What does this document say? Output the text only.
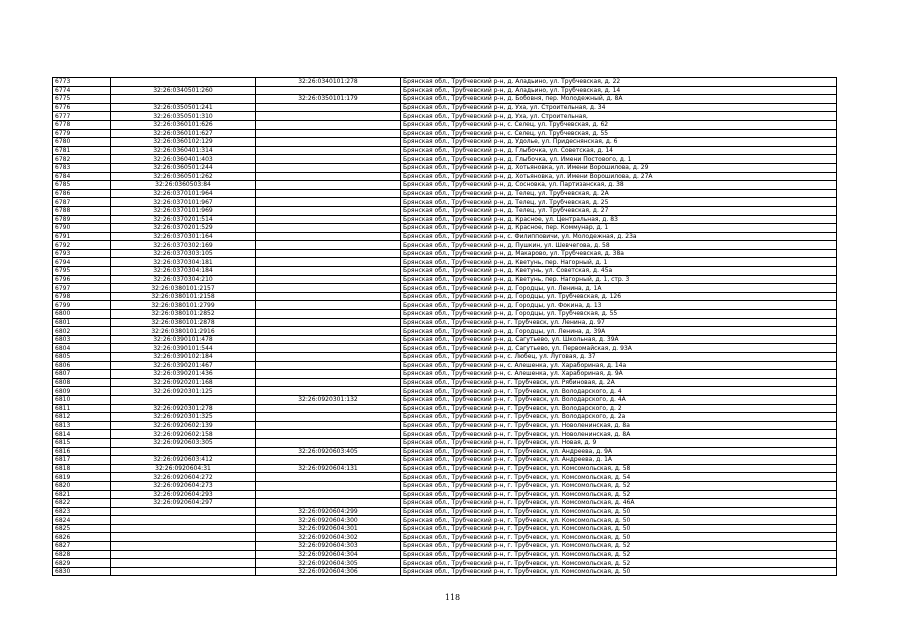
6773		32:26:0340101:278	Брянская обл., Трубчевский р-н, д. Аладьино, ул. Трубчевская, д. 22
6774	32:26:0340501:260		Брянская обл., Трубчевский р-н, д. Аладьино, ул. Трубчевская, д. 14
6775		32:26:0350101:179	Брянская обл., Трубчевский р-н, д. Бобовня, пер. Молодежный, д. 8А
6776	32:26:0350501:241		Брянская обл., Трубчевский р-н, д. Уха, ул. Строительная, д. 34
6777	32:26:0350501:310		Брянская обл., Трубчевский р-н, д. Уха, ул. Строительная,
6778	32:26:0360101:626		Брянская обл., Трубчевский р-н, с. Селец, ул. Трубчевская, д. 62
6779	32:26:0360101:627		Брянская обл., Трубчевский р-н, с. Селец, ул. Трубчевская, д. 55
6780	32:26:0360102:129		Брянская обл., Трубчевский р-н, д. Удолье, ул. Придеснянская, д. 6
6781	32:26:0360401:314		Брянская обл., Трубчевский р-н, д. Глыбочка, ул. Советская, д. 14
6782	32:26:0360401:403		Брянская обл., Трубчевский р-н, д. Глыбочка, ул. Имени Постового, д. 1
6783	32:26:0360501:244		Брянская обл., Трубчевский р-н, д. Хотьяновка, ул. Имени Ворошилова, д. 29
6784	32:26:0360501:262		Брянская обл., Трубчевский р-н, д. Хотьяновка, ул. Имени Ворошилова, д. 27А
6785	32:26:0360503:84		Брянская обл., Трубчевский р-н, д. Сосновка, ул. Партизанская, д. 38
6786	32:26:0370101:964		Брянская обл., Трубчевский р-н, д. Телец, ул. Трубчевская, д. 2А
6787	32:26:0370101:967		Брянская обл., Трубчевский р-н, д. Телец, ул. Трубчевская, д. 25
6788	32:26:0370101:969		Брянская обл., Трубчевский р-н, д. Телец, ул. Трубчевская, д. 27
6789	32:26:0370201:514		Брянская обл., Трубчевский р-н, д. Красное, ул. Центральная, д. 83
6790	32:26:0370201:529		Брянская обл., Трубчевский р-н, д. Красное, пер. Коммунар, д. 1
6791	32:26:0370301:164		Брянская обл., Трубчевский р-н, с. Филипповичи, ул. Молодежная, д. 23а
6792	32:26:0370302:169		Брянская обл., Трубчевский р-н, д. Пушкин, ул. Шевчегова, д. 58
6793	32:26:0370303:105		Брянская обл., Трубчевский р-н, д. Макарово, ул. Трубчевская, д. 38а
6794	32:26:0370304:181		Брянская обл., Трубчевский р-н, д. Кветунь, пер. Нагорный, д. 1
6795	32:26:0370304:184		Брянская обл., Трубчевский р-н, д. Кветунь, ул. Советская, д. 45а
6796	32:26:0370304:210		Брянская обл., Трубчевский р-н, д. Кветунь, пер. Нагорный, д. 1, стр. 3
6797	32:26:0380101:2157		Брянская обл., Трубчевский р-н, д. Городцы, ул. Ленина, д. 1А
6798	32:26:0380101:2158		Брянская обл., Трубчевский р-н, д. Городцы, ул. Трубчевская, д. 126
6799	32:26:0380101:2799		Брянская обл., Трубчевский р-н, д. Городцы, ул. Фокина, д. 13
6800	32:26:0380101:2852		Брянская обл., Трубчевский р-н, д. Городцы, ул. Трубчевская, д. 55
6801	32:26:0380101:2878		Брянская обл., Трубчевский р-н, г. Трубчевск, ул. Ленина, д. 97
6802	32:26:0380101:2916		Брянская обл., Трубчевский р-н, д. Городцы, ул. Ленина, д. 39А
6803	32:26:0390101:478		Брянская обл., Трубчевский р-н, д. Сагутьево, ул. Школьная, д. 39А
6804	32:26:0390101:544		Брянская обл., Трубчевский р-н, д. Сагутьево, ул. Первомайская, д. 93А
6805	32:26:0390102:184		Брянская обл., Трубчевский р-н, с. Любец, ул. Луговая, д. 37
6806	32:26:0390201:467		Брянская обл., Трубчевский р-н, с. Алешенка, ул. Харабориная, д. 14а
6807	32:26:0390201:436		Брянская обл., Трубчевский р-н, с. Алешенка, ул. Харабориная, д. 9А
6808	32:26:0920201:168		Брянская обл., Трубчевский р-н, г. Трубчевск, ул. Рябиновая, д. 2А
6809	32:26:0920301:125		Брянская обл., Трубчевский р-н, г. Трубчевск, ул. Володарского, д. 4
6810		32:26:0920301:132	Брянская обл., Трубчевский р-н, г. Трубчевск, ул. Володарского, д. 4А
6811	32:26:0920301:278		Брянская обл., Трубчевский р-н, г. Трубчевск, ул. Володарского, д. 2
6812	32:26:0920301:325		Брянская обл., Трубчевский р-н, г. Трубчевск, ул. Володарского, д. 2а
6813	32:26:0920602:139		Брянская обл., Трубчевский р-н, г. Трубчевск, ул. Новоленинская, д. 8а
6814	32:26:0920602:158		Брянская обл., Трубчевский р-н, г. Трубчевск, ул. Новоленинская, д. 8А
6815	32:26:0920603:305		Брянская обл., Трубчевский р-н, г. Трубчевск, ул. Новая, д. 9
6816		32:26:0920603:405	Брянская обл., Трубчевский р-н, г. Трубчевск, ул. Андреева, д. 9А
6817	32:26:0920603:412		Брянская обл., Трубчевский р-н, г. Трубчевск, ул. Андреева, д. 1А
6818	32:26:0920604:31	32:26:0920604:131	Брянская обл., Трубчевский р-н, г. Трубчевск, ул. Комсомольская, д. 58
6819	32:26:0920604:272		Брянская обл., Трубчевский р-н, г. Трубчевск, ул. Комсомольская, д. 54
6820	32:26:0920604:273		Брянская обл., Трубчевский р-н, г. Трубчевск, ул. Комсомольская, д. 52
6821	32:26:0920604:293		Брянская обл., Трубчевский р-н, г. Трубчевск, ул. Комсомольская, д. 52
6822	32:26:0920604:297		Брянская обл., Трубчевский р-н, г. Трубчевск, ул. Комсомольская, д. 46А
6823		32:26:0920604:299	Брянская обл., Трубчевский р-н, г. Трубчевск, ул. Комсомольская, д. 50
6824		32:26:0920604:300	Брянская обл., Трубчевский р-н, г. Трубчевск, ул. Комсомольская, д. 50
6825		32:26:0920604:301	Брянская обл., Трубчевский р-н, г. Трубчевск, ул. Комсомольская, д. 50
6826		32:26:0920604:302	Брянская обл., Трубчевский р-н, г. Трубчевск, ул. Комсомольская, д. 50
6827		32:26:0920604:303	Брянская обл., Трубчевский р-н, г. Трубчевск, ул. Комсомольская, д. 52
6828		32:26:0920604:304	Брянская обл., Трубчевский р-н, г. Трубчевск, ул. Комсомольская, д. 52
6829		32:26:0920604:305	Брянская обл., Трубчевский р-н, г. Трубчевск, ул. Комсомольская, д. 52
6830		32:26:0920604:306	Брянская обл., Трубчевский р-н, г. Трубчевск, ул. Комсомольская, д. 50
118
